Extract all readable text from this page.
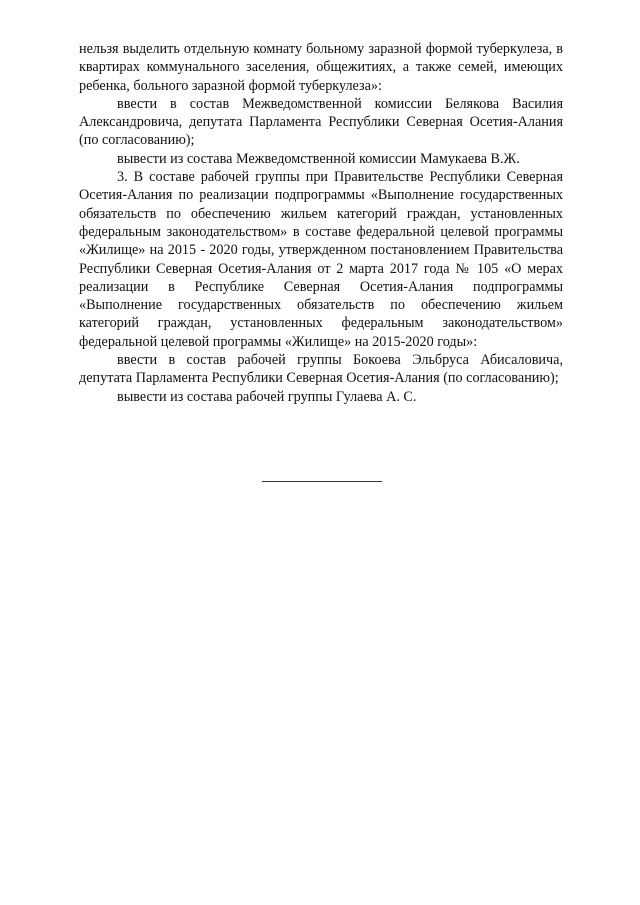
нельзя выделить отдельную комнату больному заразной формой туберкулеза, в квартирах коммунального заселения, общежитиях, а также семей, имеющих ребенка, больного заразной формой туберкулеза»:

ввести в состав Межведомственной комиссии Белякова Василия Александровича, депутата Парламента Республики Северная Осетия-Алания (по согласованию);

вывести из состава Межведомственной комиссии Мамукаева В.Ж.

3. В составе рабочей группы при Правительстве Республики Северная Осетия-Алания по реализации подпрограммы «Выполнение государственных обязательств по обеспечению жильем категорий граждан, установленных федеральным законодательством» в составе федеральной целевой программы «Жилище» на 2015 - 2020 годы, утвержденном постановлением Правительства Республики Северная Осетия-Алания от 2 марта 2017 года № 105 «О мерах реализации в Республике Северная Осетия-Алания подпрограммы «Выполнение государственных обязательств по обеспечению жильем категорий граждан, установленных федеральным законодательством» федеральной целевой программы «Жилище» на 2015-2020 годы»:

ввести в состав рабочей группы Бокоева Эльбруса Абисаловича, депутата Парламента Республики Северная Осетия-Алания (по согласованию);

вывести из состава рабочей группы Гулаева А. С.
